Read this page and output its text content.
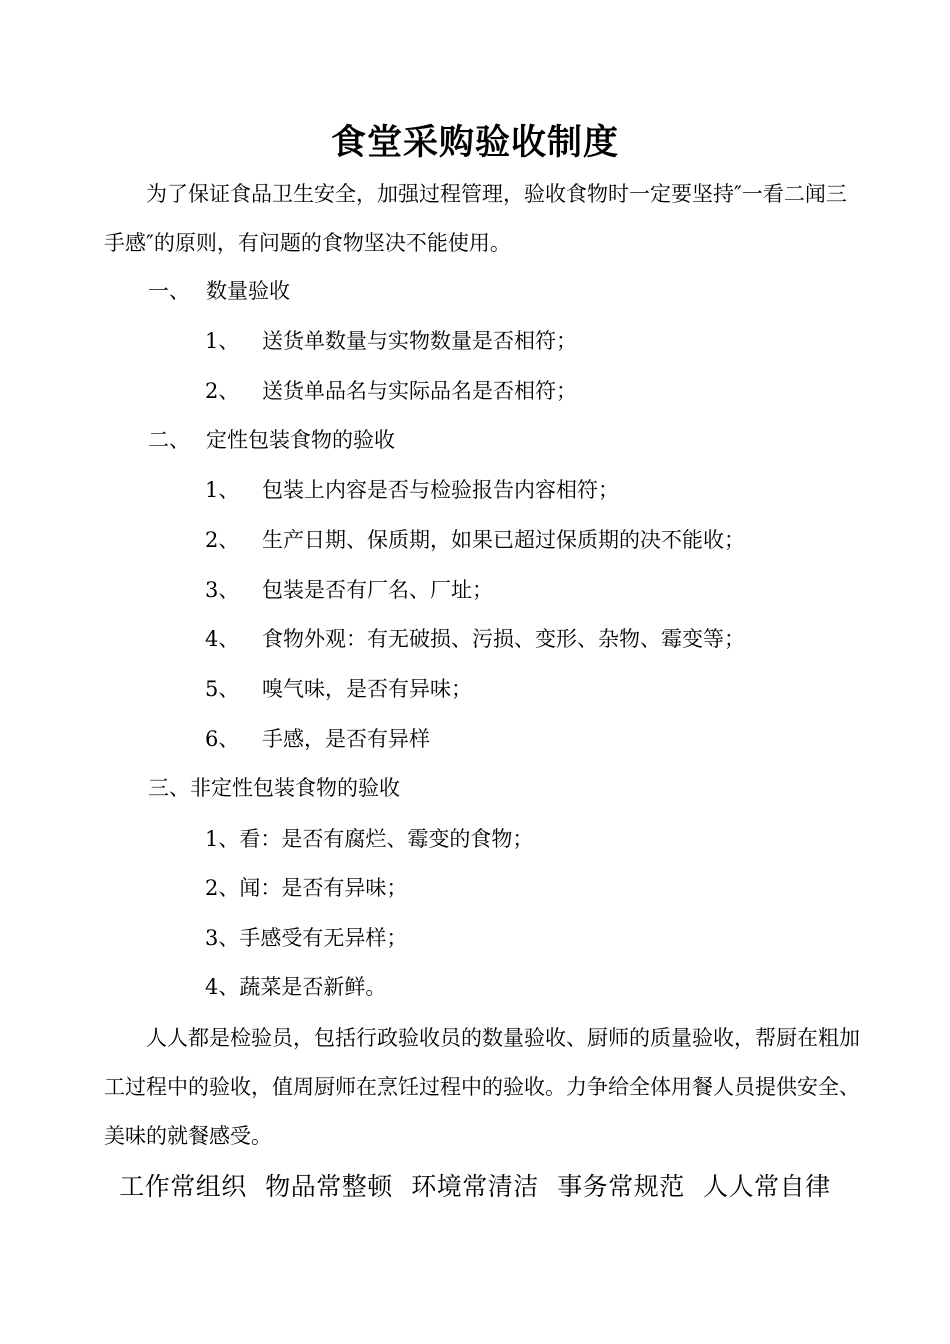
食堂采购验收制度

为了保证食品卫生安全，加强过程管理，验收食物时一定要坚持″一看二闻三手感″的原则，有问题的食物坚决不能使用。

一、 数量验收
1、 送货单数量与实物数量是否相符；
2、 送货单品名与实际品名是否相符；
二、 定性包装食物的验收
1、 包装上内容是否与检验报告内容相符；
2、 生产日期、保质期，如果已超过保质期的决不能收；
3、 包装是否有厂名、厂址；
4、 食物外观：有无破损、污损、变形、杂物、霉变等；
5、 嗅气味，是否有异味；
6、 手感，是否有异样
三、非定性包装食物的验收
1、看：是否有腐烂、霉变的食物；
2、闻：是否有异味；
3、手感受有无异样；
4、蔬菜是否新鲜。

人人都是检验员，包括行政验收员的数量验收、厨师的质量验收，帮厨在粗加工过程中的验收，值周厨师在烹饪过程中的验收。力争给全体用餐人员提供安全、美味的就餐感受。

工作常组织 物品常整顿 环境常清洁 事务常规范 人人常自律
